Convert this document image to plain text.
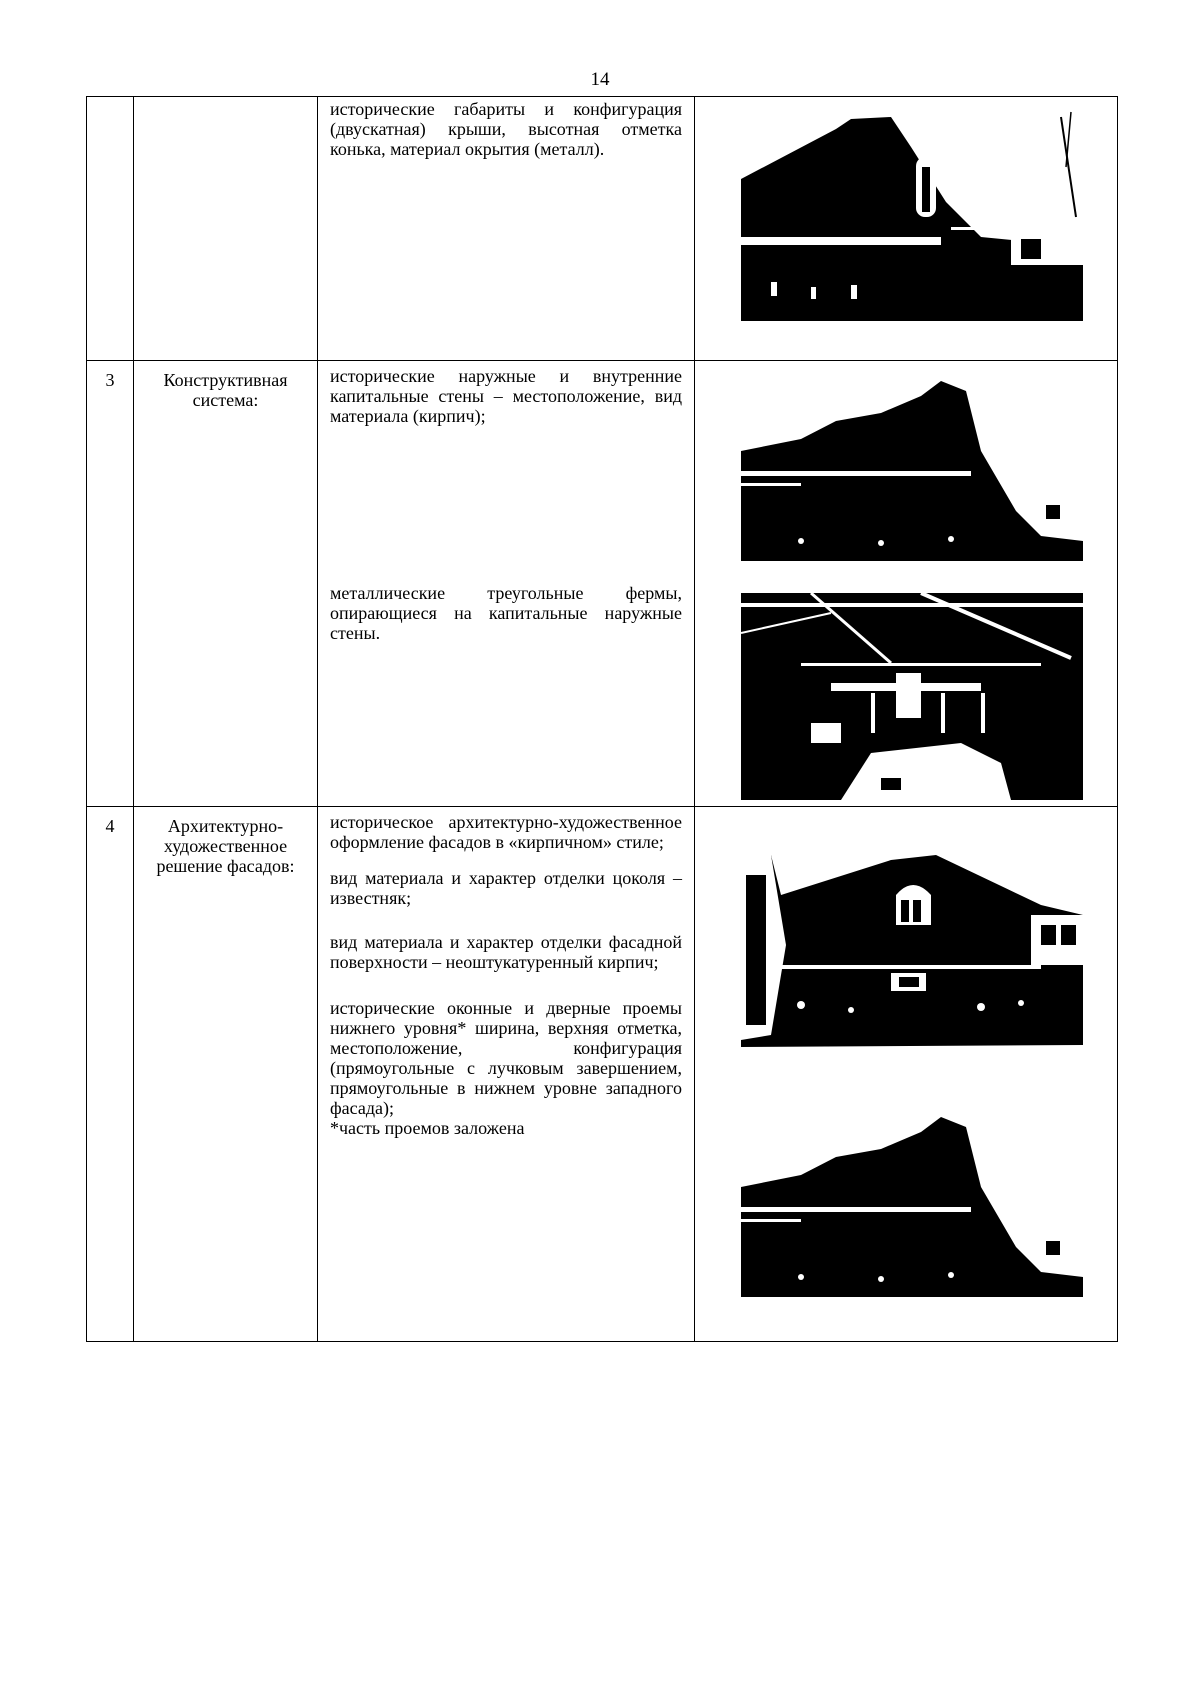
14

		исторические габариты и конфигурация (двускатная) крыши, высотная отметка конька, материал окрытия (металл).

3	Конструктивная система:	исторические наружные и внутренние капитальные стены – местоположение, вид материала (кирпич);
металлические треугольные фермы, опирающиеся на капитальные наружные стены.

4	Архитектурно-художественное решение фасадов:	историческое архитектурно-художественное оформление фасадов в «кирпичном» стиле;
вид материала и характер отделки цоколя – известняк;
вид материала и характер отделки фасадной поверхности – неоштукатуренный кирпич;
исторические оконные и дверные проемы нижнего уровня* ширина, верхняя отметка, местоположение, конфигурация (прямоугольные с лучковым завершением, прямоугольные в нижнем уровне западного фасада);
*часть проемов заложена
